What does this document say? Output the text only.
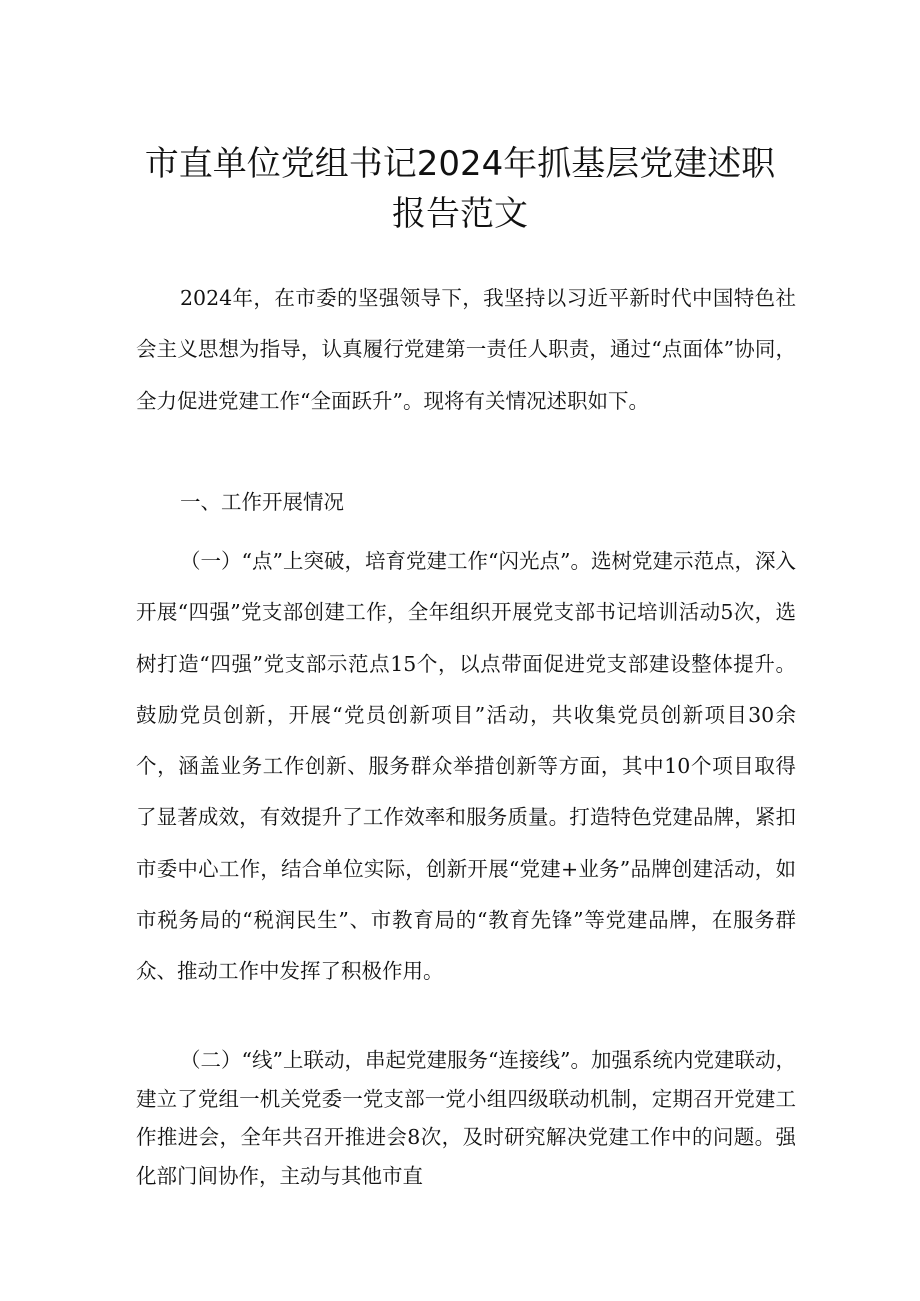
市直单位党组书记2024年抓基层党建述职
报告范文

2024年，在市委的坚强领导下，我坚持以习近平新时代中国特色社会主义思想为指导，认真履行党建第一责任人职责，通过“点面体”协同，全力促进党建工作“全面跃升”。现将有关情况述职如下。

一、工作开展情况

（一）“点”上突破，培育党建工作“闪光点”。选树党建示范点，深入开展“四强”党支部创建工作，全年组织开展党支部书记培训活动5次，选树打造“四强”党支部示范点15个，以点带面促进党支部建设整体提升。鼓励党员创新，开展“党员创新项目”活动，共收集党员创新项目30余个，涵盖业务工作创新、服务群众举措创新等方面，其中10个项目取得了显著成效，有效提升了工作效率和服务质量。打造特色党建品牌，紧扣市委中心工作，结合单位实际，创新开展“党建+业务”品牌创建活动，如市税务局的“税润民生”、市教育局的“教育先锋”等党建品牌，在服务群众、推动工作中发挥了积极作用。

（二）“线”上联动，串起党建服务“连接线”。加强系统内党建联动，建立了党组一机关党委一党支部一党小组四级联动机制，定期召开党建工作推进会，全年共召开推进会8次，及时研究解决党建工作中的问题。强化部门间协作，主动与其他市直
